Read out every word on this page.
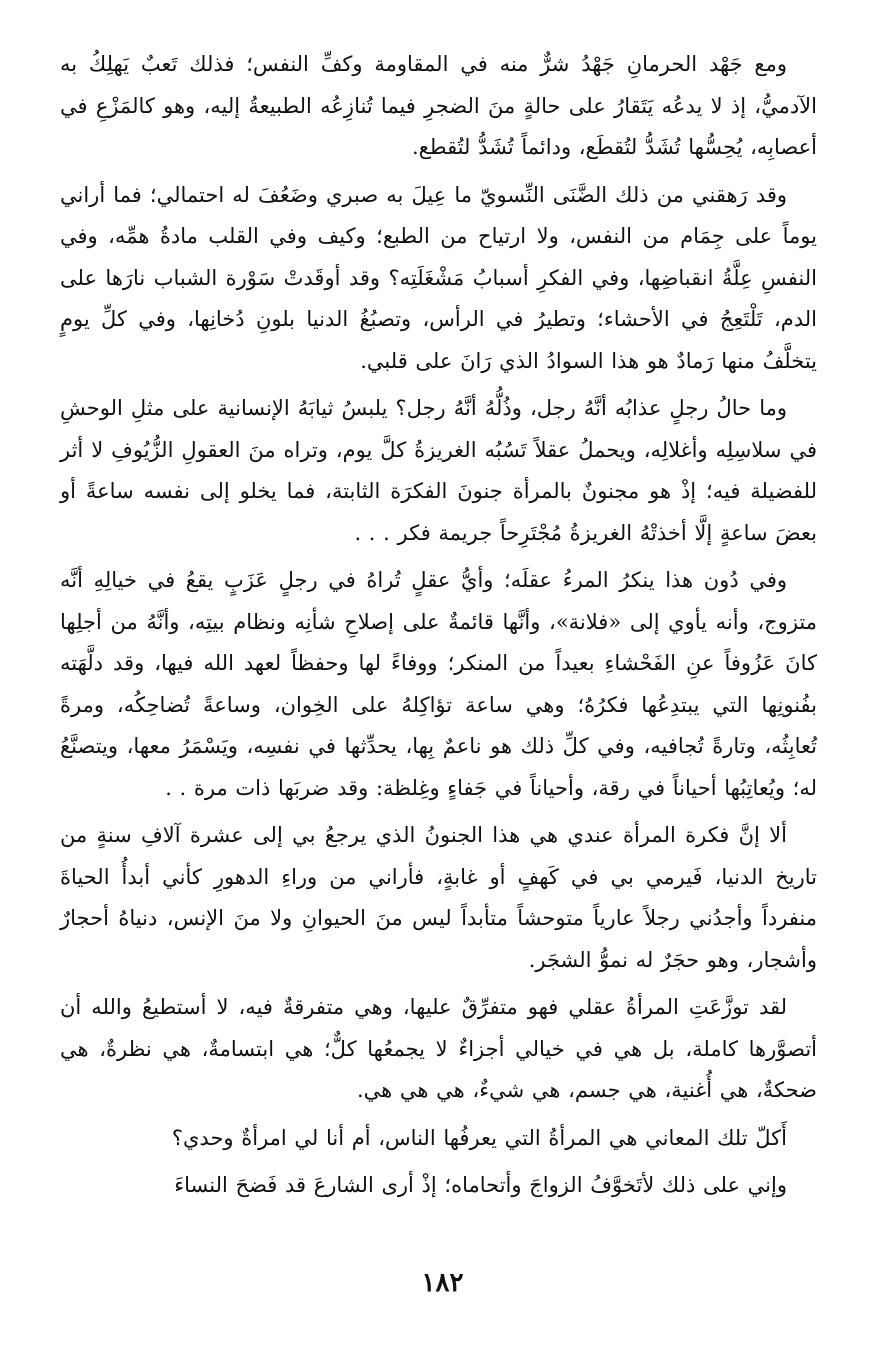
ومع جَهْد الحرمانِ جَهْدُ شرٌّ منه في المقاومة وكفِّ النفس؛ فذلك تَعبٌ يَهلِكُ به الآدميُّ، إذ لا يدعُه يَتَقارُ على حالةٍ منَ الضجرِ فيما تُنازِعُه الطبيعةُ إليه، وهو كالمَزْعِ في أعصابِه، يُحِسُّها تُشَدُّ لتُقطَع، ودائماً تُشَدُّ لتُقطع.

وقد رَهقني من ذلك الضَّنَى النِّسويّ ما عِيلَ به صبري وضَعُفَ له احتمالي؛ فما أراني يوماً على جِمَام من النفس، ولا ارتياح من الطبع؛ وكيف وفي القلب مادةُ همِّه، وفي النفسِ عِلَّةُ انقباضِها، وفي الفكرِ أسبابُ مَشْغَلَتِه؟ وقد أوقَدتْ سَوْرة الشباب نارَها على الدم، تَلْتَعِجُ في الأحشاء؛ وتطيرُ في الرأس، وتصبُغُ الدنيا بلونِ دُخانِها، وفي كلِّ يومٍ يتخلَّفُ منها رَمادٌ هو هذا السوادُ الذي رَانَ على قلبي.

وما حالُ رجلٍ عذابُه أنَّهُ رجل، وذُلُّهُ أنَّهُ رجل؟ يلبسُ ثيابَهُ الإنسانية على مثلِ الوحشِ في سلاسِلِه وأغلالِه، ويحملُ عقلاً تَسُبُه الغريزةُ كلَّ يوم، وتراه منَ العقولِ الزُّيُوفِ لا أثر للفضيلة فيه؛ إذْ هو مجنونٌ بالمرأة جنونَ الفكرَة الثابتة، فما يخلو إلى نفسه ساعةً أو بعضَ ساعةٍ إلَّا أخذتْهُ الغريزةُ مُجْتَرِحاً جريمة فكر . . .

وفي دُون هذا ينكرُ المرءُ عقلَه؛ وأيُّ عقلٍ تُراهُ في رجلٍ عَزَبٍ يقعُ في خيالِهِ أنَّه متزوج، وأنه يأوي إلى «فلانة»، وأنَّها قائمةٌ على إصلاحِ شأنِه ونظام بيتِه، وأنَّهُ من أجلِها كانَ عَزُوفاً عنِ الفَحْشاءِ بعيداً من المنكر؛ ووفاءً لها وحفظاً لعهد الله فيها، وقد دلَّهَته بفُنونِها التي يبتدِعُها فكرُهُ؛ وهي ساعة تؤاكِلهُ على الخِوان، وساعةً تُضاحِكُه، ومرةً تُعابِثُه، وتارةً تُجافيه، وفي كلِّ ذلك هو ناعمٌ بِها، يحدِّثها في نفسِه، ويَسْمَرُ معها، ويتصنَّعُ له؛ ويُعاتِبُها أحياناً في رقة، وأحياناً في جَفاءٍ وغِلظة: وقد ضربَها ذات مرة . .

ألا إنَّ فكرة المرأة عندي هي هذا الجنونُ الذي يرجعُ بي إلى عشرة آلافِ سنةٍ من تاريخ الدنيا، فَيرمي بي في كَهفٍ أو غابةٍ، فأراني من وراءِ الدهورِ كأني أبدأُ الحياةَ منفرداً وأجدُني رجلاً عارياً متوحشاً متأبداً ليس منَ الحيوانِ ولا منَ الإنس، دنياهُ أحجارٌ وأشجار، وهو حجَرٌ له نموُّ الشجَر.

لقد توزَّعَتِ المرأةُ عقلي فهو متفرِّقٌ عليها، وهي متفرقةٌ فيه، لا أستطيعُ والله أن أتصوَّرها كاملة، بل هي في خيالي أجزاءٌ لا يجمعُها كلٌّ؛ هي ابتسامةٌ، هي نظرةٌ، هي ضحكةٌ، هي أُغنية، هي جسم، هي شيءٌ، هي هي هي.

أَكلّ تلك المعاني هي المرأةُ التي يعرفُها الناس، أم أنا لي امرأةٌ وحدي؟

وإني على ذلك لأتَخوَّفُ الزواجَ وأتحاماه؛ إذْ أرى الشارعَ قد فَضحَ النساءَ

١٨٢
